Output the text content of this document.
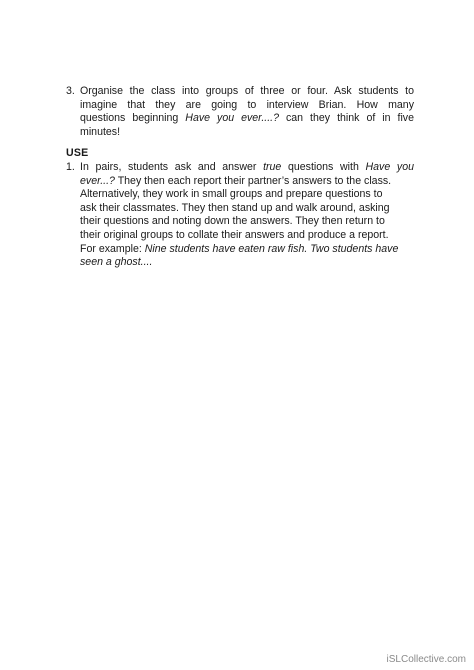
3. Organise the class into groups of three or four. Ask students to
imagine that they are going to interview Brian. How many
questions beginning Have you ever....? can they think of in five
minutes!
USE
1. In pairs, students ask and answer true questions with Have you
ever...? They then each report their partner’s answers to the class.
Alternatively, they work in small groups and prepare questions to
ask their classmates. They then stand up and walk around, asking
their questions and noting down the answers. They then return to
their original groups to collate their answers and produce a report.
For example: Nine students have eaten raw fish. Two students have
seen a ghost....
iSLCollective.com
